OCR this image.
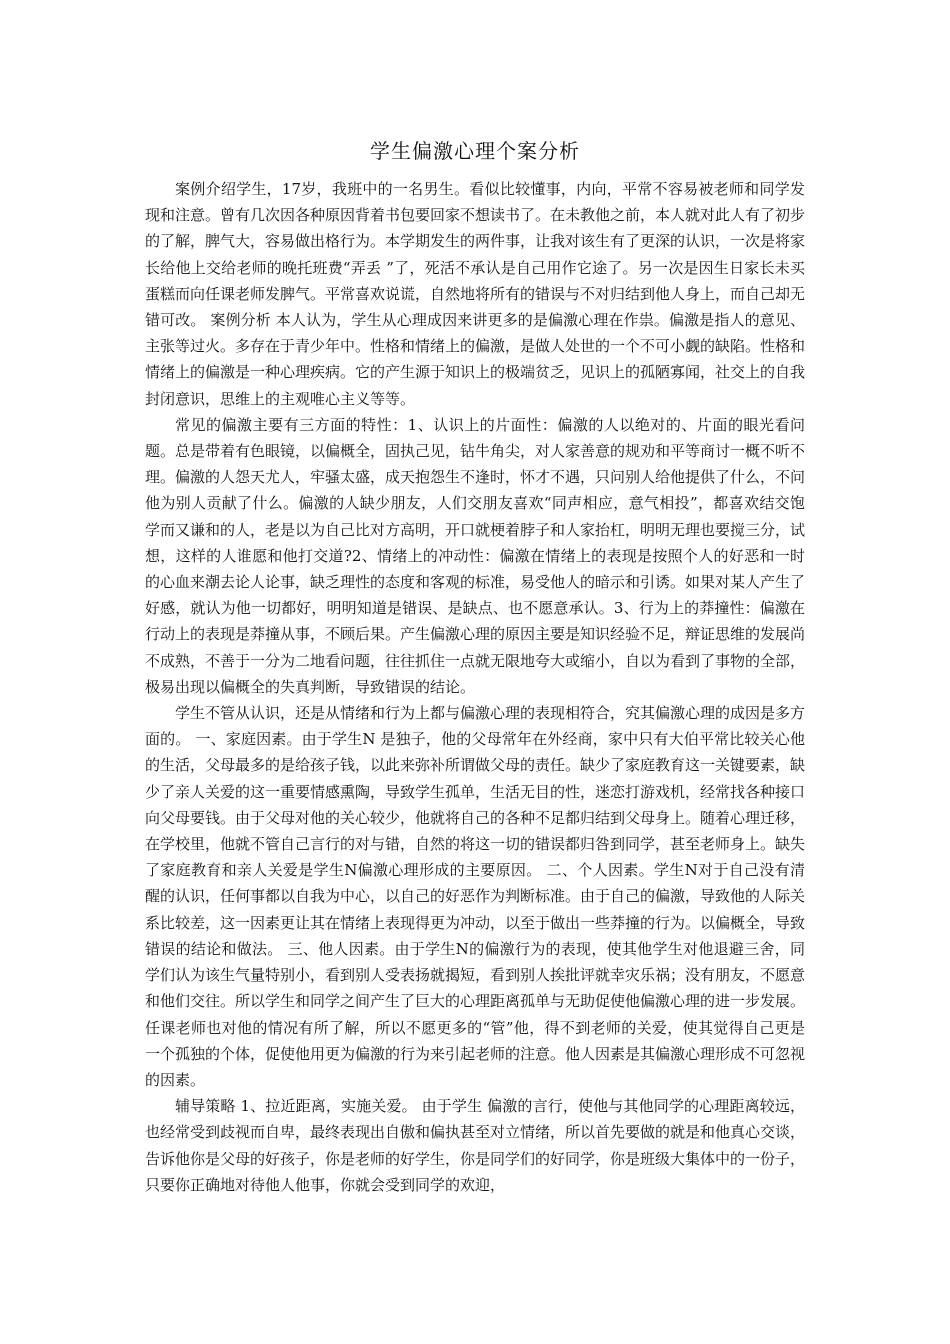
学生偏激心理个案分析

案例介绍学生，17岁，我班中的一名男生。看似比较懂事，内向，平常不容易被老师和同学发现和注意。曾有几次因各种原因背着书包要回家不想读书了。在未教他之前，本人就对此人有了初步的了解，脾气大，容易做出格行为。本学期发生的两件事，让我对该生有了更深的认识，一次是将家长给他上交给老师的晚托班费“弄丢 ”了，死活不承认是自己用作它途了。另一次是因生日家长未买蛋糕而向任课老师发脾气。平常喜欢说谎，自然地将所有的错误与不对归结到他人身上，而自己却无错可改。 案例分析 本人认为，学生从心理成因来讲更多的是偏激心理在作祟。偏激是指人的意见、主张等过火。多存在于青少年中。性格和情绪上的偏激，是做人处世的一个不可小觑的缺陷。性格和情绪上的偏激是一种心理疾病。它的产生源于知识上的极端贫乏，见识上的孤陋寡闻，社交上的自我封闭意识，思维上的主观唯心主义等等。

常见的偏激主要有三方面的特性：1、认识上的片面性：偏激的人以绝对的、片面的眼光看问题。总是带着有色眼镜，以偏概全，固执己见，钻牛角尖，对人家善意的规劝和平等商讨一概不听不理。偏激的人怨天尤人，牢骚太盛，成天抱怨生不逢时，怀才不遇，只问别人给他提供了什么，不问他为别人贡献了什么。偏激的人缺少朋友，人们交朋友喜欢“同声相应，意气相投”，都喜欢结交饱学而又谦和的人，老是以为自己比对方高明，开口就梗着脖子和人家抬杠，明明无理也要搅三分，试想，这样的人谁愿和他打交道?2、情绪上的冲动性：偏激在情绪上的表现是按照个人的好恶和一时的心血来潮去论人论事，缺乏理性的态度和客观的标准，易受他人的暗示和引诱。如果对某人产生了好感，就认为他一切都好，明明知道是错误、是缺点、也不愿意承认。3、行为上的莽撞性：偏激在行动上的表现是莽撞从事，不顾后果。产生偏激心理的原因主要是知识经验不足，辩证思维的发展尚不成熟，不善于一分为二地看问题，往往抓住一点就无限地夸大或缩小，自以为看到了事物的全部，极易出现以偏概全的失真判断，导致错误的结论。

学生不管从认识，还是从情绪和行为上都与偏激心理的表现相符合，究其偏激心理的成因是多方面的。 一、家庭因素。由于学生N 是独子，他的父母常年在外经商，家中只有大伯平常比较关心他的生活，父母最多的是给孩子钱，以此来弥补所谓做父母的责任。缺少了家庭教育这一关键要素，缺少了亲人关爱的这一重要情感熏陶，导致学生孤单，生活无目的性，迷恋打游戏机，经常找各种接口向父母要钱。由于父母对他的关心较少，他就将自己的各种不足都归结到父母身上。随着心理迁移，在学校里，他就不管自己言行的对与错，自然的将这一切的错误都归咎到同学，甚至老师身上。缺失了家庭教育和亲人关爱是学生N偏激心理形成的主要原因。 二、个人因素。学生N对于自己没有清醒的认识，任何事都以自我为中心，以自己的好恶作为判断标准。由于自己的偏激，导致他的人际关系比较差，这一因素更让其在情绪上表现得更为冲动，以至于做出一些莽撞的行为。以偏概全，导致错误的结论和做法。 三、他人因素。由于学生N的偏激行为的表现，使其他学生对他退避三舍，同学们认为该生气量特别小，看到别人受表扬就揭短，看到别人挨批评就幸灾乐祸；没有朋友，不愿意和他们交往。所以学生和同学之间产生了巨大的心理距离孤单与无助促使他偏激心理的进一步发展。任课老师也对他的情况有所了解，所以不愿更多的“管”他，得不到老师的关爱，使其觉得自己更是一个孤独的个体，促使他用更为偏激的行为来引起老师的注意。他人因素是其偏激心理形成不可忽视的因素。

辅导策略 1、拉近距离，实施关爱。 由于学生 偏激的言行，使他与其他同学的心理距离较远，也经常受到歧视而自卑，最终表现出自傲和偏执甚至对立情绪，所以首先要做的就是和他真心交谈，告诉他你是父母的好孩子，你是老师的好学生，你是同学们的好同学，你是班级大集体中的一份子，只要你正确地对待他人他事，你就会受到同学的欢迎，
